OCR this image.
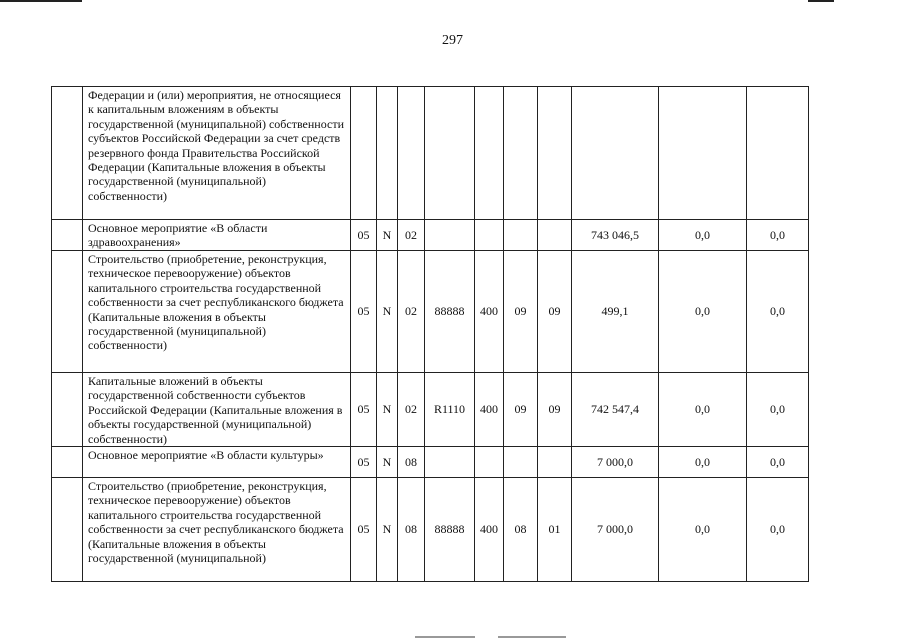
297
	Федерации и (или) мероприятия, не относящиеся к капитальным вложениям в объекты государственной (муниципальной) собственности субъектов Российской Федерации за счет средств резервного фонда Правительства Российской Федерации (Капитальные вложения в объекты государственной (муниципальной) собственности)										
	Основное мероприятие «В области здравоохранения»	05	N	02					743 046,5	0,0	0,0
	Строительство (приобретение, реконструкция, техническое перевооружение) объектов капитального строительства государственной собственности за счет республиканского бюджета (Капитальные вложения в объекты государственной (муниципальной) собственности)	05	N	02	88888	400	09	09	499,1	0,0	0,0
	Капитальные вложений в объекты государственной собственности субъектов Российской Федерации (Капитальные вложения в объекты государственной (муниципальной) собственности)	05	N	02	R1110	400	09	09	742 547,4	0,0	0,0
	Основное мероприятие «В области культуры»	05	N	08					7 000,0	0,0	0,0
	Строительство (приобретение, реконструкция, техническое перевооружение) объектов капитального строительства государственной собственности за счет республиканского бюджета (Капитальные вложения в объекты государственной (муниципальной)	05	N	08	88888	400	08	01	7 000,0	0,0	0,0
